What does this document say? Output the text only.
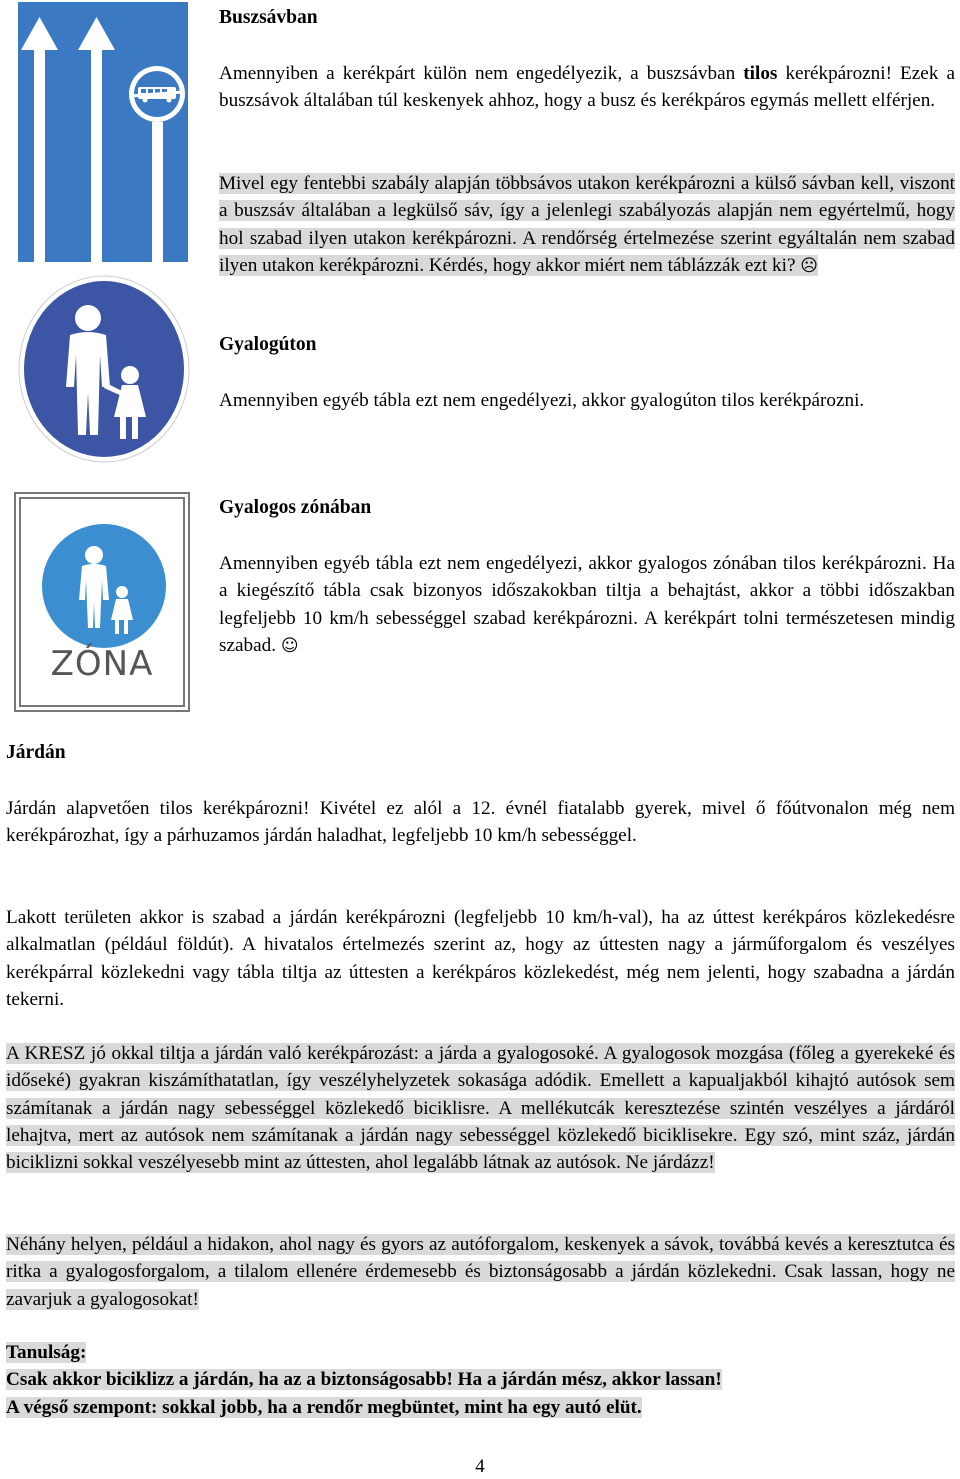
ZÓNA
Buszsávban
Amennyiben a kerékpárt külön nem engedélyezik, a buszsávban tilos kerékpározni! Ezek a buszsávok általában túl keskenyek ahhoz, hogy a busz és kerékpáros egymás mellett elférjen.
Mivel egy fentebbi szabály alapján többsávos utakon kerékpározni a külső sávban kell, viszont a buszsáv általában a legkülső sáv, így a jelenlegi szabályozás alapján nem egyértelmű, hogy hol szabad ilyen utakon kerékpározni. A rendőrség értelmezése szerint egyáltalán nem szabad ilyen utakon kerékpározni. Kérdés, hogy akkor miért nem táblázzák ezt ki? ☹
Gyalogúton
Amennyiben egyéb tábla ezt nem engedélyezi, akkor gyalogúton tilos kerékpározni.
Gyalogos zónában
Amennyiben egyéb tábla ezt nem engedélyezi, akkor gyalogos zónában tilos kerékpározni. Ha a kiegészítő tábla csak bizonyos időszakokban tiltja a behajtást, akkor a többi időszakban legfeljebb 10 km/h sebességgel szabad kerékpározni. A kerékpárt tolni természetesen mindig szabad. ☺
Járdán
Járdán alapvetően tilos kerékpározni! Kivétel ez alól a 12. évnél fiatalabb gyerek, mivel ő főútvonalon még nem kerékpározhat, így a párhuzamos járdán haladhat, legfeljebb 10 km/h sebességgel.
Lakott területen akkor is szabad a járdán kerékpározni (legfeljebb 10 km/h-val), ha az úttest kerékpáros közlekedésre alkalmatlan (például földút). A hivatalos értelmezés szerint az, hogy az úttesten nagy a járműforgalom és veszélyes kerékpárral közlekedni vagy tábla tiltja az úttesten a kerékpáros közlekedést, még nem jelenti, hogy szabadna a járdán tekerni.
A KRESZ jó okkal tiltja a járdán való kerékpározást: a járda a gyalogosoké. A gyalogosok mozgása (főleg a gyerekeké és időseké) gyakran kiszámíthatatlan, így veszélyhelyzetek sokasága adódik. Emellett a kapualjakból kihajtó autósok sem számítanak a járdán nagy sebességgel közlekedő biciklisre. A mellékutcák keresztezése szintén veszélyes a járdáról lehajtva, mert az autósok nem számítanak a járdán nagy sebességgel közlekedő biciklisekre. Egy szó, mint száz, járdán biciklizni sokkal veszélyesebb mint az úttesten, ahol legalább látnak az autósok. Ne járdázz!
Néhány helyen, például a hidakon, ahol nagy és gyors az autóforgalom, keskenyek a sávok, továbbá kevés a keresztutca és ritka a gyalogosforgalom, a tilalom ellenére érdemesebb és biztonságosabb a járdán közlekedni. Csak lassan, hogy ne zavarjuk a gyalogosokat!
Tanulság:
Csak akkor biciklizz a járdán, ha az a biztonságosabb! Ha a járdán mész, akkor lassan!
A végső szempont: sokkal jobb, ha a rendőr megbüntet, mint ha egy autó elüt.
4
